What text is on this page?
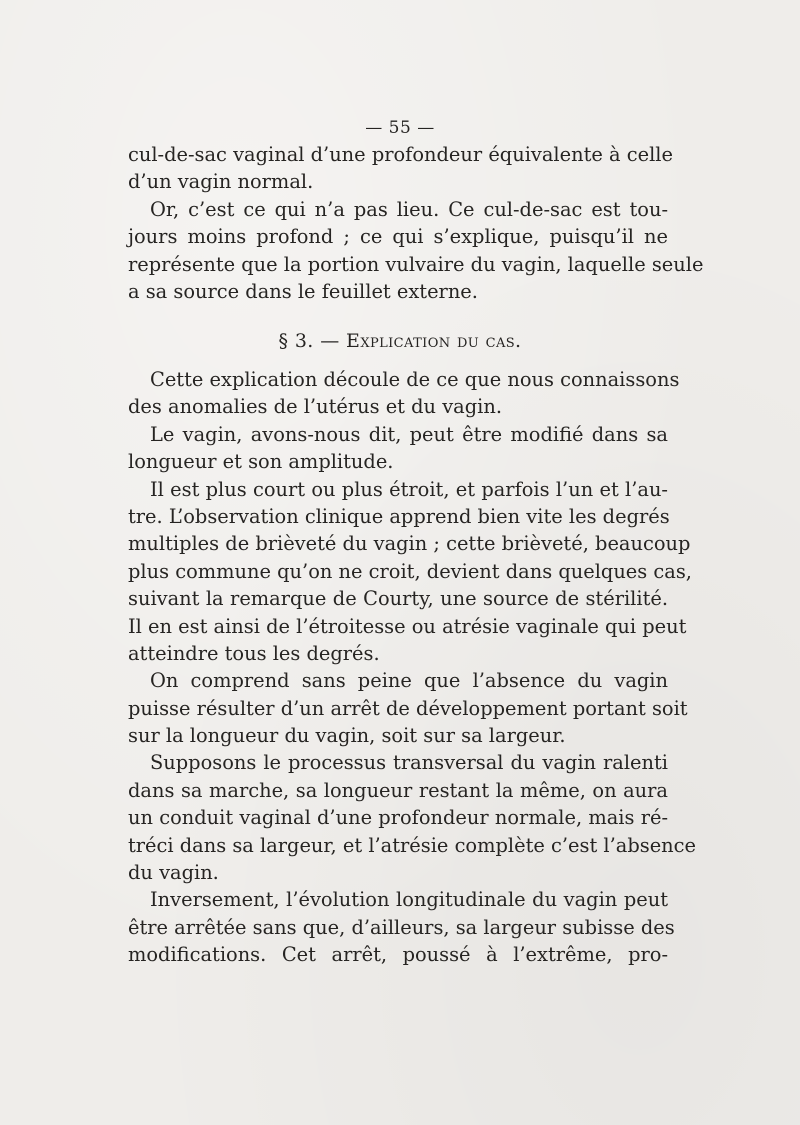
— 55 —
cul-de-sac vaginal d’une profondeur équivalente à celle
d’un vagin normal.
Or, c’est ce qui n’a pas lieu. Ce cul-de-sac est tou-
jours moins profond ; ce qui s’explique, puisqu’il ne
représente que la portion vulvaire du vagin, laquelle seule
a sa source dans le feuillet externe.
§ 3. — Explication du cas.
Cette explication découle de ce que nous connaissons
des anomalies de l’utérus et du vagin.
Le vagin, avons-nous dit, peut être modifié dans sa
longueur et son amplitude.
Il est plus court ou plus étroit, et parfois l’un et l’au-
tre. L’observation clinique apprend bien vite les degrés
multiples de brièveté du vagin ; cette brièveté, beaucoup
plus commune qu’on ne croit, devient dans quelques cas,
suivant la remarque de Courty, une source de stérilité.
Il en est ainsi de l’étroitesse ou atrésie vaginale qui peut
atteindre tous les degrés.
On comprend sans peine que l’absence du vagin
puisse résulter d’un arrêt de développement portant soit
sur la longueur du vagin, soit sur sa largeur.
Supposons le processus transversal du vagin ralenti
dans sa marche, sa longueur restant la même, on aura
un conduit vaginal d’une profondeur normale, mais ré-
tréci dans sa largeur, et l’atrésie complète c’est l’absence
du vagin.
Inversement, l’évolution longitudinale du vagin peut
être arrêtée sans que, d’ailleurs, sa largeur subisse des
modifications. Cet arrêt, poussé à l’extrême, pro-
